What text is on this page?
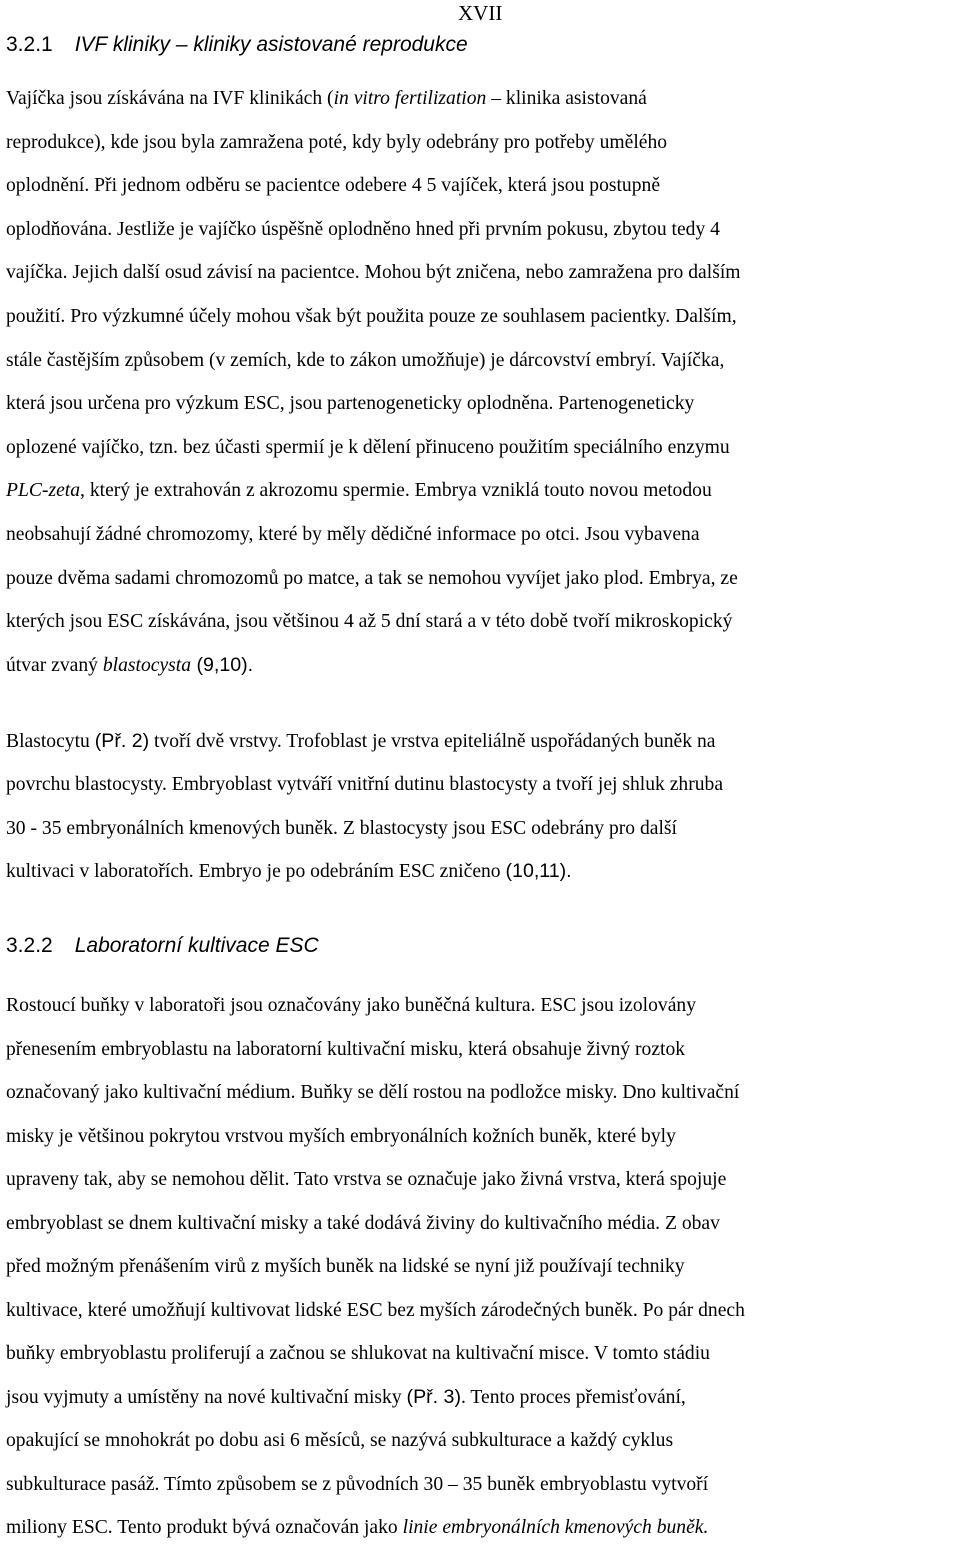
XVII
3.2.1 IVF kliniky – kliniky asistované reprodukce
Vajíčka jsou získávána na IVF klinikách (in vitro fertilization – klinika asistovaná
reprodukce), kde jsou byla zamražena poté, kdy byly odebrány pro potřeby umělého
oplodnění. Při jednom odběru se pacientce odebere 4 5 vajíček, která jsou postupně
oplodňována. Jestliže je vajíčko úspěšně oplodněno hned při prvním pokusu, zbytou tedy 4
vajíčka. Jejich další osud závisí na pacientce. Mohou být zničena, nebo zamražena pro dalším
použití. Pro výzkumné účely mohou však být použita pouze ze souhlasem pacientky. Dalším,
stále častějším způsobem (v zemích, kde to zákon umožňuje) je dárcovství embryí. Vajíčka,
která jsou určena pro výzkum ESC, jsou partenogeneticky oplodněna. Partenogeneticky
oplozené vajíčko, tzn. bez účasti spermií je k dělení přinuceno použitím speciálního enzymu
PLC-zeta, který je extrahován z akrozomu spermie. Embrya vzniklá touto novou metodou
neobsahují žádné chromozomy, které by měly dědičné informace po otci. Jsou vybavena
pouze dvěma sadami chromozomů po matce, a tak se nemohou vyvíjet jako plod. Embrya, ze
kterých jsou ESC získávána, jsou většinou 4 až 5 dní stará a v této době tvoří mikroskopický
útvar zvaný blastocysta (9,10).
Blastocytu (Př. 2) tvoří dvě vrstvy. Trofoblast je vrstva epiteliálně uspořádaných buněk na
povrchu blastocysty. Embryoblast vytváří vnitřní dutinu blastocysty a tvoří jej shluk zhruba
30 - 35 embryonálních kmenových buněk. Z blastocysty jsou ESC odebrány pro další
kultivaci v laboratořích. Embryo je po odebráním ESC zničeno (10,11).
3.2.2 Laboratorní kultivace ESC
Rostoucí buňky v laboratoři jsou označovány jako buněčná kultura. ESC jsou izolovány
přenesením embryoblastu na laboratorní kultivační misku, která obsahuje živný roztok
označovaný jako kultivační médium. Buňky se dělí rostou na podložce misky. Dno kultivační
misky je většinou pokrytou vrstvou myších embryonálních kožních buněk, které byly
upraveny tak, aby se nemohou dělit. Tato vrstva se označuje jako živná vrstva, která spojuje
embryoblast se dnem kultivační misky a také dodává živiny do kultivačního média. Z obav
před možným přenášením virů z myších buněk na lidské se nyní již používají techniky
kultivace, které umožňují kultivovat lidské ESC bez myších zárodečných buněk. Po pár dnech
buňky embryoblastu proliferují a začnou se shlukovat na kultivační misce. V tomto stádiu
jsou vyjmuty a umístěny na nové kultivační misky (Př. 3). Tento proces přemisťování,
opakující se mnohokrát po dobu asi 6 měsíců, se nazývá subkulturace a každý cyklus
subkulturace pasáž. Tímto způsobem se z původních 30 – 35 buněk embryoblastu vytvoří
miliony ESC. Tento produkt bývá označován jako linie embryonálních kmenových buněk.
